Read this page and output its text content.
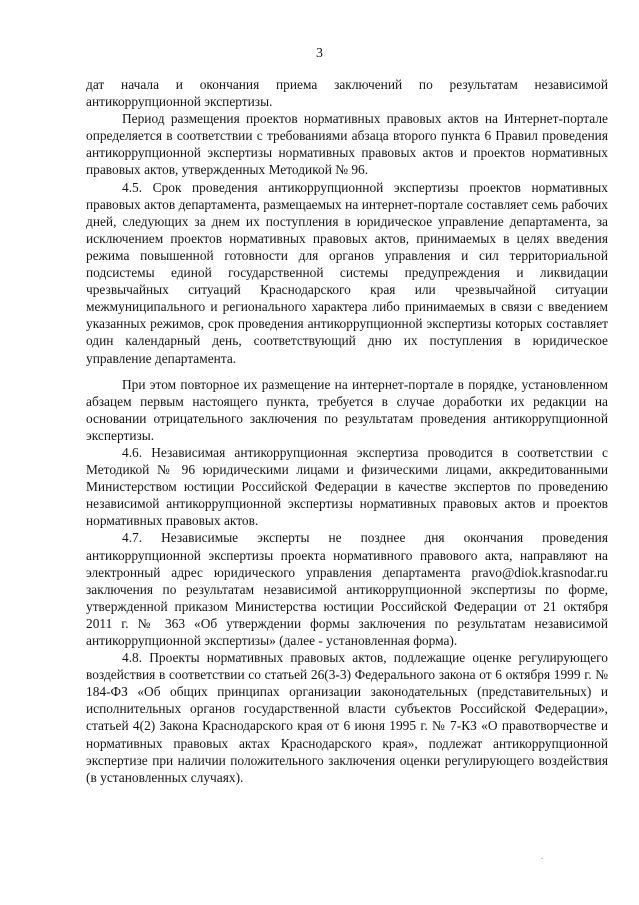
3

дат начала и окончания приема заключений по результатам независимой антикоррупционной экспертизы.

Период размещения проектов нормативных правовых актов на Интернет-портале определяется в соответствии с требованиями абзаца второго пункта 6 Правил проведения антикоррупционной экспертизы нормативных правовых актов и проектов нормативных правовых актов, утвержденных Методикой № 96.

4.5. Срок проведения антикоррупционной экспертизы проектов нормативных правовых актов департамента, размещаемых на интернет-портале составляет семь рабочих дней, следующих за днем их поступления в юридическое управление департамента, за исключением проектов нормативных правовых актов, принимаемых в целях введения режима повышенной готовности для органов управления и сил территориальной подсистемы единой государственной системы предупреждения и ликвидации чрезвычайных ситуаций Краснодарского края или чрезвычайной ситуации межмуниципального и регионального характера либо принимаемых в связи с введением указанных режимов, срок проведения антикоррупционной экспертизы которых составляет один календарный день, соответствующий дню их поступления в юридическое управление департамента.

При этом повторное их размещение на интернет-портале в порядке, установленном абзацем первым настоящего пункта, требуется в случае доработки их редакции на основании отрицательного заключения по результатам проведения антикоррупционной экспертизы.

4.6. Независимая антикоррупционная экспертиза проводится в соответствии с Методикой № 96 юридическими лицами и физическими лицами, аккредитованными Министерством юстиции Российской Федерации в качестве экспертов по проведению независимой антикоррупционной экспертизы нормативных правовых актов и проектов нормативных правовых актов.

4.7. Независимые эксперты не позднее дня окончания проведения антикоррупционной экспертизы проекта нормативного правового акта, направляют на электронный адрес юридического управления департамента pravo@diok.krasnodar.ru заключения по результатам независимой антикоррупционной экспертизы по форме, утвержденной приказом Министерства юстиции Российской Федерации от 21 октября 2011 г. № 363 «Об утверждении формы заключения по результатам независимой антикоррупционной экспертизы» (далее - установленная форма).

4.8. Проекты нормативных правовых актов, подлежащие оценке регулирующего воздействия в соответствии со статьей 26(3-3) Федерального закона от 6 октября 1999 г. № 184-ФЗ «Об общих принципах организации законодательных (представительных) и исполнительных органов государственной власти субъектов Российской Федерации», статьей 4(2) Закона Краснодарского края от 6 июня 1995 г. № 7-КЗ «О правотворчестве и нормативных правовых актах Краснодарского края», подлежат антикоррупционной экспертизе при наличии положительного заключения оценки регулирующего воздействия (в установленных случаях).

·
